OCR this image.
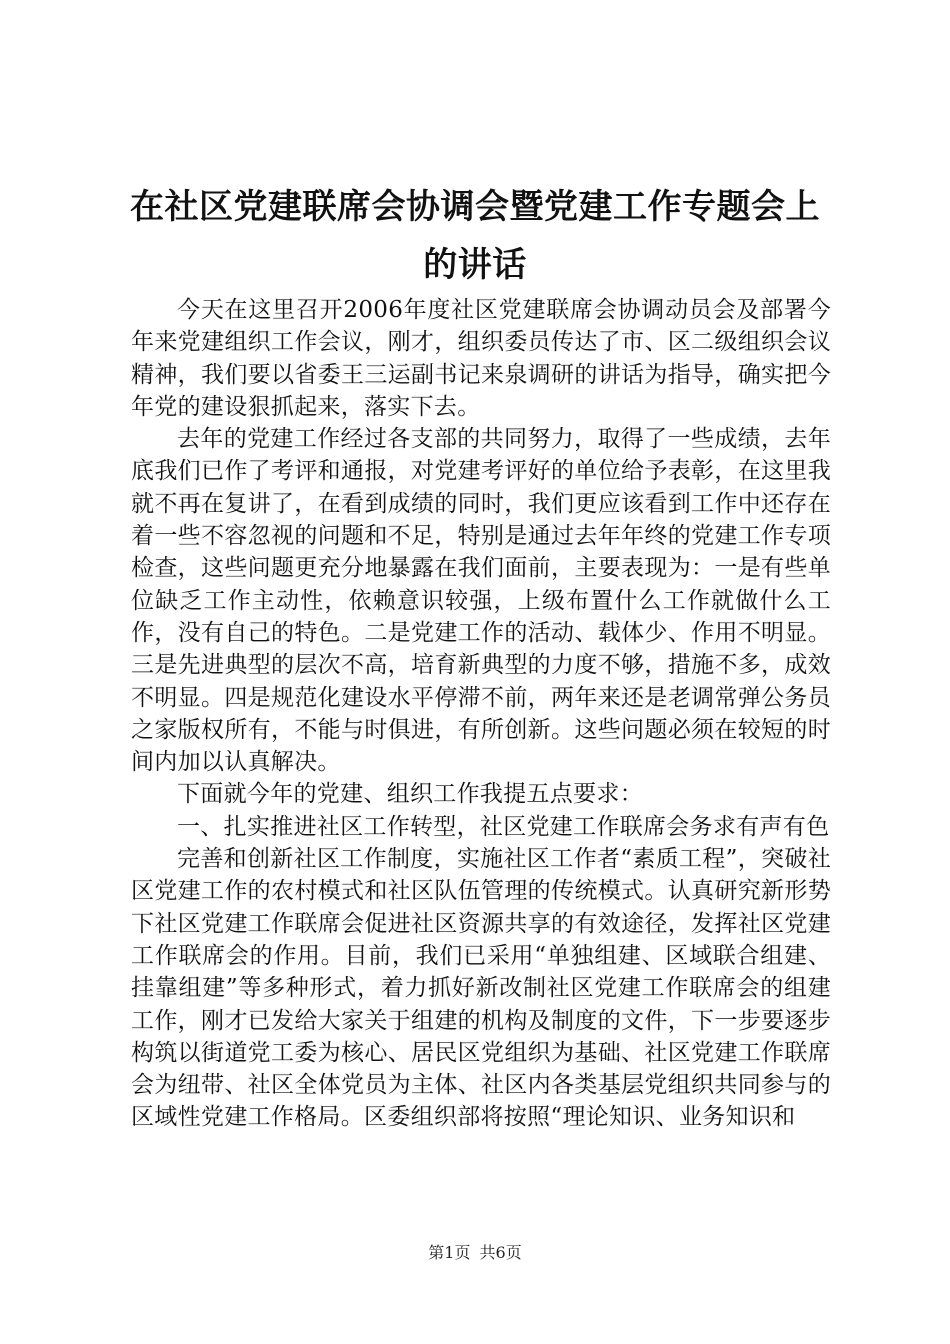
在社区党建联席会协调会暨党建工作专题会上的讲话

今天在这里召开2006年度社区党建联席会协调动员会及部署今年来党建组织工作会议，刚才，组织委员传达了市、区二级组织会议精神，我们要以省委王三运副书记来泉调研的讲话为指导，确实把今年党的建设狠抓起来，落实下去。

去年的党建工作经过各支部的共同努力，取得了一些成绩，去年底我们已作了考评和通报，对党建考评好的单位给予表彰，在这里我就不再在复讲了，在看到成绩的同时，我们更应该看到工作中还存在着一些不容忽视的问题和不足，特别是通过去年年终的党建工作专项检查，这些问题更充分地暴露在我们面前，主要表现为：一是有些单位缺乏工作主动性，依赖意识较强，上级布置什么工作就做什么工作，没有自己的特色。二是党建工作的活动、载体少、作用不明显。三是先进典型的层次不高，培育新典型的力度不够，措施不多，成效不明显。四是规范化建设水平停滞不前，两年来还是老调常弹公务员之家版权所有，不能与时俱进，有所创新。这些问题必须在较短的时间内加以认真解决。

下面就今年的党建、组织工作我提五点要求：

一、扎实推进社区工作转型，社区党建工作联席会务求有声有色

完善和创新社区工作制度，实施社区工作者“素质工程”，突破社区党建工作的农村模式和社区队伍管理的传统模式。认真研究新形势下社区党建工作联席会促进社区资源共享的有效途径，发挥社区党建工作联席会的作用。目前，我们已采用“单独组建、区域联合组建、挂靠组建”等多种形式，着力抓好新改制社区党建工作联席会的组建工作，刚才已发给大家关于组建的机构及制度的文件，下一步要逐步构筑以街道党工委为核心、居民区党组织为基础、社区党建工作联席会为纽带、社区全体党员为主体、社区内各类基层党组织共同参与的区域性党建工作格局。区委组织部将按照“理论知识、业务知识和

第1页 共6页
